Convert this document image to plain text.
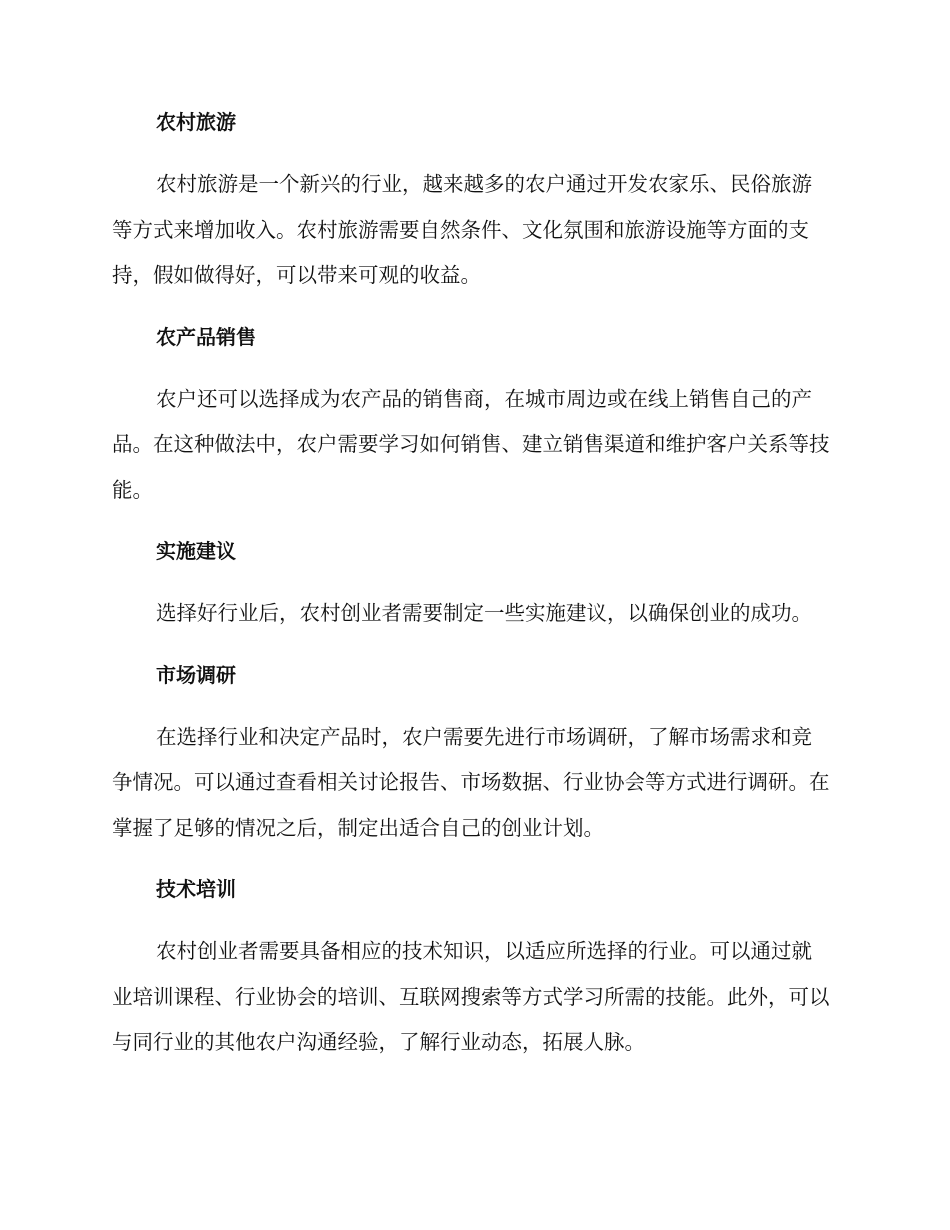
农村旅游

农村旅游是一个新兴的行业，越来越多的农户通过开发农家乐、民俗旅游等方式来增加收入。农村旅游需要自然条件、文化氛围和旅游设施等方面的支持，假如做得好，可以带来可观的收益。

农产品销售

农户还可以选择成为农产品的销售商，在城市周边或在线上销售自己的产品。在这种做法中，农户需要学习如何销售、建立销售渠道和维护客户关系等技能。

实施建议

选择好行业后，农村创业者需要制定一些实施建议，以确保创业的成功。

市场调研

在选择行业和决定产品时，农户需要先进行市场调研，了解市场需求和竞争情况。可以通过查看相关讨论报告、市场数据、行业协会等方式进行调研。在掌握了足够的情况之后，制定出适合自己的创业计划。

技术培训

农村创业者需要具备相应的技术知识，以适应所选择的行业。可以通过就业培训课程、行业协会的培训、互联网搜索等方式学习所需的技能。此外，可以与同行业的其他农户沟通经验，了解行业动态，拓展人脉。
